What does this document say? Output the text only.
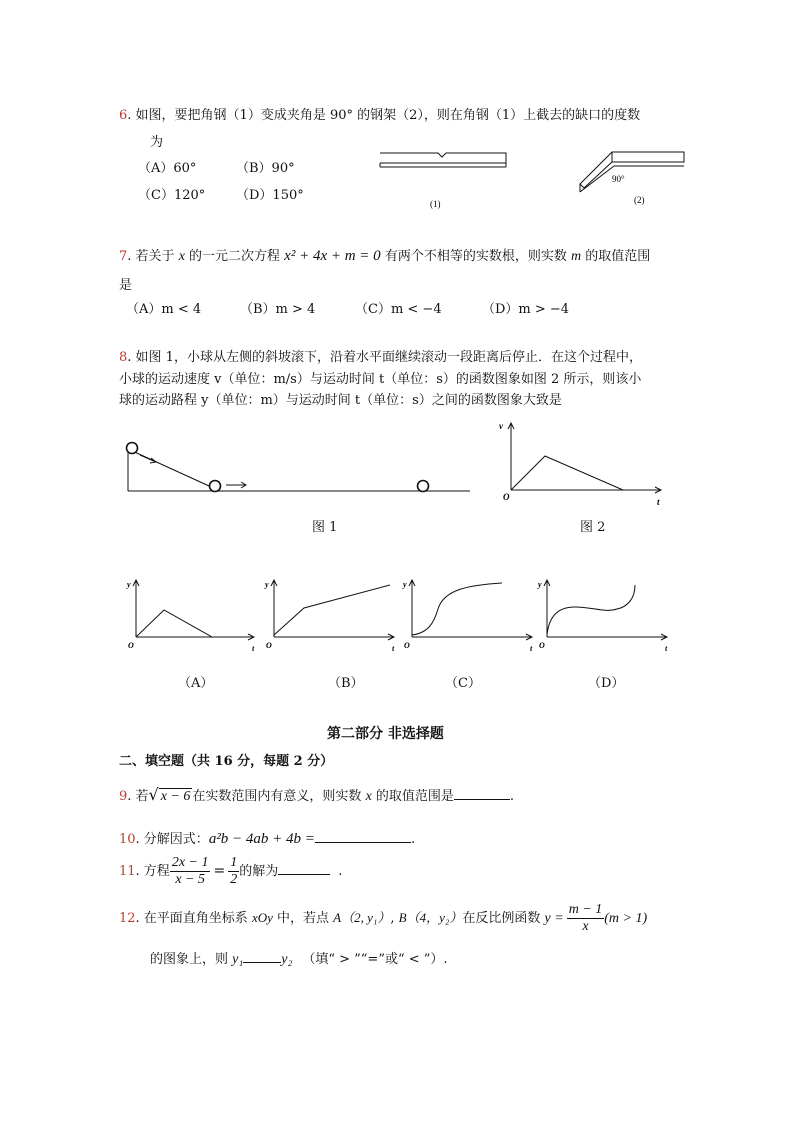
6. 如图，要把角钢（1）变成夹角是 90° 的钢架（2），则在角钢（1）上截去的缺口的度数
为
（A）60°	（B）90°
（C）120° （D）150°
(1)
90°
(2)
7. 若关于 x 的一元二次方程 x² + 4x + m = 0 有两个不相等的实数根，则实数 m 的取值范围
是
（A）m < 4	（B）m > 4	（C）m < −4	（D）m > −4
8. 如图 1，小球从左侧的斜坡滚下，沿着水平面继续滚动一段距离后停止．在这个过程中，
小球的运动速度 v（单位：m/s）与运动时间 t（单位：s）的函数图象如图 2 所示，则该小
球的运动路程 y（单位：m）与运动时间 t（单位：s）之间的函数图象大致是
图 1
v
O	t
图 2
y
O	t
y
O	t
y
O	t
y
O	t
（A）	（B）	（C）	（D）
第二部分 非选择题
二、填空题（共 16 分，每题 2 分）
9. 若√ x − 6 在实数范围内有意义，则实数 x 的取值范围是	.
10. 分解因式：a²b − 4ab + 4b =	.
11. 方程 $\frac{2x - 1}{x - 5} = \frac{1}{2}$ 的解为	.
12. 在平面直角坐标系 xOy 中，若点 A（2, y₁）, B（4，y₂）在反比例函数 $y = \frac{m - 1}{x} (m > 1)$
的图象上，则 y₁	y₂ （填“ > ”“=”或“ < ”）.
